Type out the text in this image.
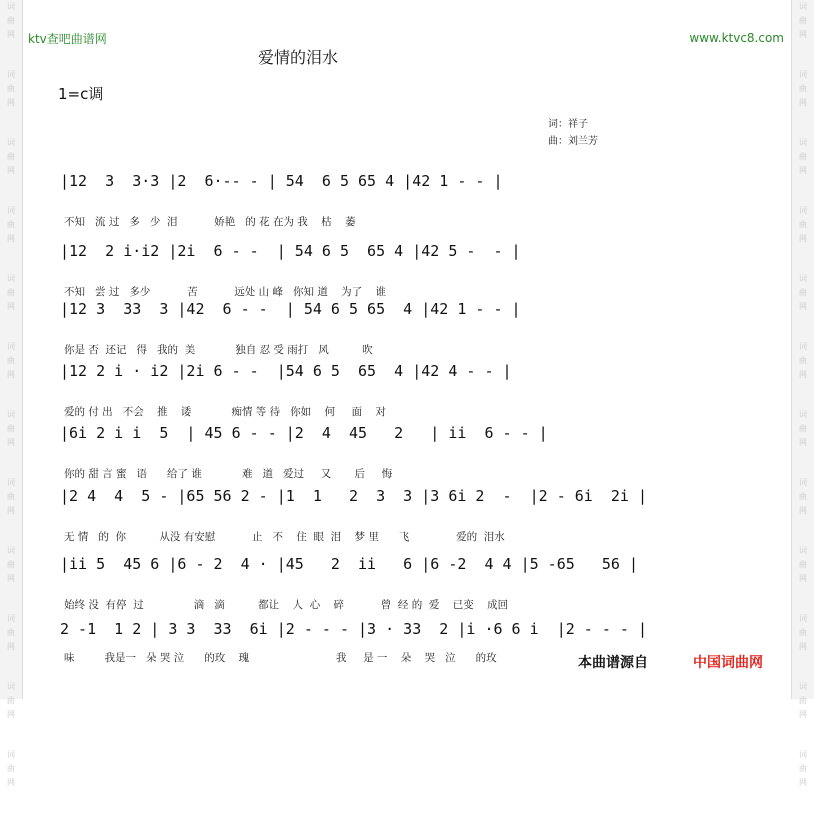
词
曲
网
词
曲
网
词
曲
网
词
曲
网
词
曲
网
词
曲
网
词
曲
网
词
曲
网
词
曲
网
词
曲
网
词
曲
网
词
曲
网
词
曲
网
词
曲
网
词
曲
网
词
曲
网
词
曲
网
词
曲
网
词
曲
网
词
曲
网
词
曲
网
词
曲
网
词
曲
网
词
曲
网
ktv查吧曲谱网	www.ktvc8.com
爱情的泪水
1=c调
词：祥子
曲：刘兰芳
|12  3  3·3 |2  6·-- - | 54  6 5 65 4 |42 1 - - |
不知   流 过   多   少  泪           娇艳   的 花 在为 我    枯    萎
|12  2 i·i2 |2i  6 - -  | 54 6 5  65 4 |42 5 -  - |
不知   尝 过   多少           苦           远处 山 峰   你知 道    为了    谁
|12 3  33  3 |42  6 - -  | 54 6 5 65  4 |42 1 - - |
你是 否  还记   得   我的  美            独自 忍 受 雨打   风          吹
|12 2 i · i2 |2i 6 - -  |54 6 5  65  4 |42 4 - - |
爱的 付 出   不会    推    诿            痴情 等 待   你如    何     面    对
|6i 2 i i  5  | 45 6 - - |2  4  45   2   | ii  6 - - |
你的 甜 言 蜜   语      给了 谁            难   道   爱过     又       后     悔
|2 4  4  5 - |65 56 2 - |1  1   2  3  3 |3 6i 2  -  |2 - 6i  2i |
无 情   的  你          从没 有安慰           止   不    住  眼  泪    梦 里      飞              爱的  泪水
|ii 5  45 6 |6 - 2  4 · |45   2  ii   6 |6 -2  4 4 |5 -65   56 |
始终 没  有停  过               滴   滴          都让    人  心    碎           曾  经 的  爱    已变    成回
2 -1  1 2 | 3 3  33  6i |2 - - - |3 · 33  2 |i ·6 6 i  |2 - - - |
味         我是一   朵 哭 泣      的玫    瑰                          我     是 一    朵    哭   泣      的玫	本曲谱源自	中国词曲网
